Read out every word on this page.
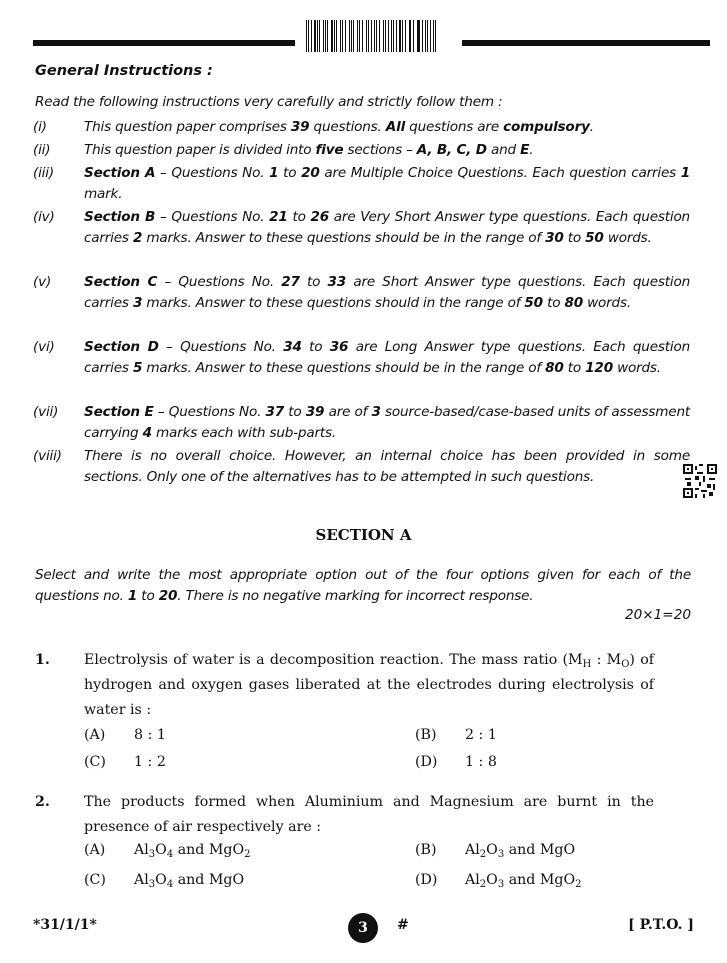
General Instructions :
Read the following instructions very carefully and strictly follow them :
(i)	This question paper comprises 39 questions. All questions are compulsory.
(ii)	This question paper is divided into five sections – A, B, C, D and E.
(iii)	Section A – Questions No. 1 to 20 are Multiple Choice Questions. Each question carries 1 mark.
(iv)	Section B – Questions No. 21 to 26 are Very Short Answer type questions. Each question carries 2 marks. Answer to these questions should be in the range of 30 to 50 words.
(v)	Section C – Questions No. 27 to 33 are Short Answer type questions. Each question carries 3 marks. Answer to these questions should in the range of 50 to 80 words.
(vi)	Section D – Questions No. 34 to 36 are Long Answer type questions. Each question carries 5 marks. Answer to these questions should be in the range of 80 to 120 words.
(vii)	Section E – Questions No. 37 to 39 are of 3 source-based/case-based units of assessment carrying 4 marks each with sub-parts.
(viii)	There is no overall choice. However, an internal choice has been provided in some sections. Only one of the alternatives has to be attempted in such questions.
SECTION A
Select and write the most appropriate option out of the four options given for each of the questions no. 1 to 20. There is no negative marking for incorrect response.
20×1=20
1. Electrolysis of water is a decomposition reaction. The mass ratio ($M_H$ : $M_O$) of hydrogen and oxygen gases liberated at the electrodes during electrolysis of water is :
(A) 8 : 1	(B) 2 : 1
(C) 1 : 2	(D) 1 : 8
2. The products formed when Aluminium and Magnesium are burnt in the presence of air respectively are :
(A) $Al_3O_4$ and MgO$_2$	(B) $Al_2O_3$ and MgO
(C) $Al_3O_4$ and MgO	(D) $Al_2O_3$ and MgO$_2$
*31/1/1*	3	#	[ P.T.O. ]
